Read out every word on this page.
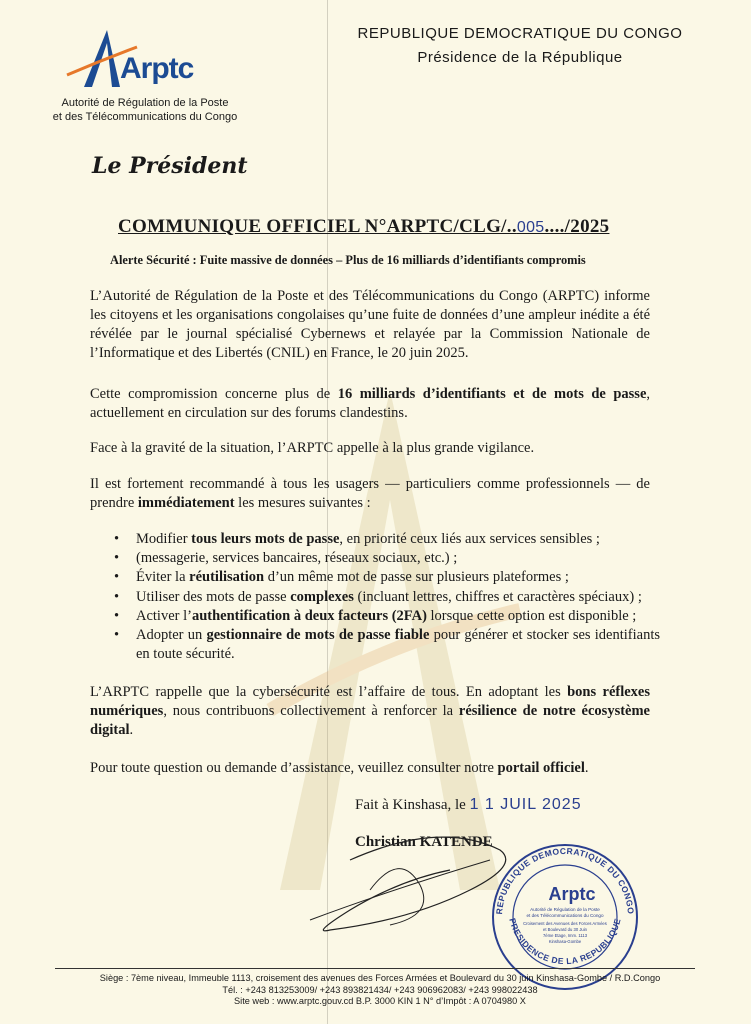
Arptc
Autorité de Régulation de la Poste
et des Télécommunications du Congo
REPUBLIQUE DEMOCRATIQUE DU CONGO
Présidence de la République
Le Président
COMMUNIQUE OFFICIEL N°ARPTC/CLG/..005..../2025
Alerte Sécurité : Fuite massive de données – Plus de 16 milliards d’identifiants compromis
L’Autorité de Régulation de la Poste et des Télécommunications du Congo (ARPTC) informe les citoyens et les organisations congolaises qu’une fuite de données d’une ampleur inédite a été révélée par le journal spécialisé Cybernews et relayée par la Commission Nationale de l’Informatique et des Libertés (CNIL) en France, le 20 juin 2025.
Cette compromission concerne plus de 16 milliards d’identifiants et de mots de passe, actuellement en circulation sur des forums clandestins.
Face à la gravité de la situation, l’ARPTC appelle à la plus grande vigilance.
Il est fortement recommandé à tous les usagers — particuliers comme professionnels — de prendre immédiatement les mesures suivantes :
• Modifier tous leurs mots de passe, en priorité ceux liés aux services sensibles ;
• (messagerie, services bancaires, réseaux sociaux, etc.) ;
• Éviter la réutilisation d’un même mot de passe sur plusieurs plateformes ;
• Utiliser des mots de passe complexes (incluant lettres, chiffres et caractères spéciaux) ;
• Activer l’authentification à deux facteurs (2FA) lorsque cette option est disponible ;
• Adopter un gestionnaire de mots de passe fiable pour générer et stocker ses identifiants en toute sécurité.
L’ARPTC rappelle que la cybersécurité est l’affaire de tous. En adoptant les bons réflexes numériques, nous contribuons collectivement à renforcer la résilience de notre écosystème digital.
Pour toute question ou demande d’assistance, veuillez consulter notre portail officiel.
Fait à Kinshasa, le 1 1 JUIL 2025
Christian KATENDE
REPUBLIQUE DEMOCRATIQUE DU CONGO
PRESIDENCE DE LA REPUBLIQUE
Arptc
Autorité de Régulation de la Poste
et des Télécommunications du Congo
Croisement des Avenues des Forces Armées
et Boulevard du 30 Juin
7ème Etage, Imm. 1113
Kinshasa-Gombe
Siège : 7ème niveau, Immeuble 1113, croisement des avenues des Forces Armées et Boulevard du 30 juin Kinshasa-Gombe / R.D.Congo
Tél. : +243 813253009/ +243 893821434/ +243 906962083/ +243 998022438
Site web : www.arptc.gouv.cd B.P. 3000 KIN 1 N° d’Impôt : A 0704980 X
